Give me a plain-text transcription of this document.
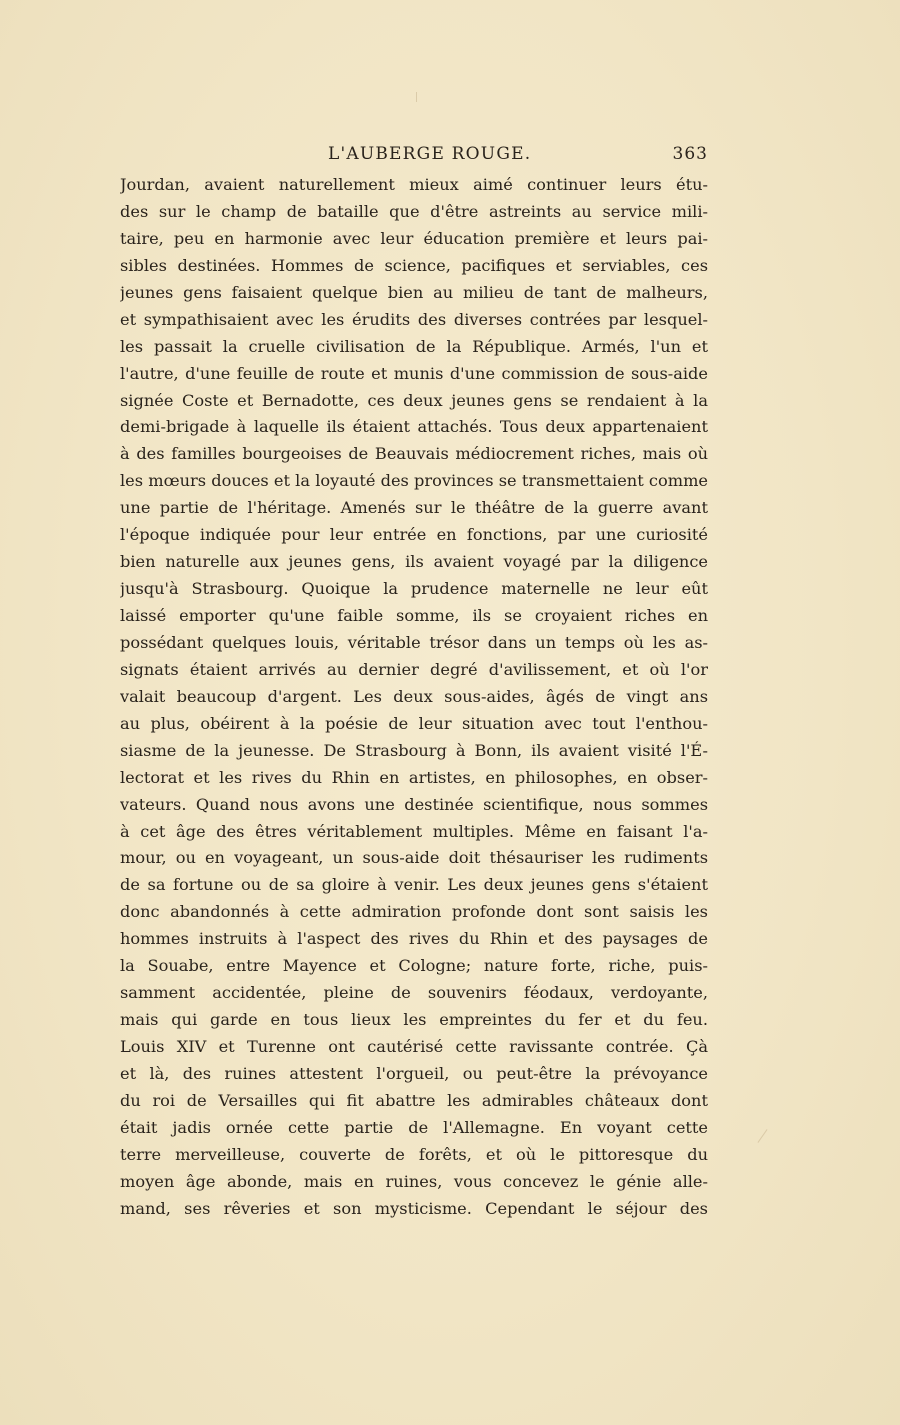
L'AUBERGE ROUGE.	363
Jourdan, avaient naturellement mieux aimé continuer leurs étu-
des sur le champ de bataille que d'être astreints au service mili-
taire, peu en harmonie avec leur éducation première et leurs pai-
sibles destinées. Hommes de science, pacifiques et serviables, ces
jeunes gens faisaient quelque bien au milieu de tant de malheurs,
et sympathisaient avec les érudits des diverses contrées par lesquel-
les passait la cruelle civilisation de la République. Armés, l'un et
l'autre, d'une feuille de route et munis d'une commission de sous-aide
signée Coste et Bernadotte, ces deux jeunes gens se rendaient à la
demi-brigade à laquelle ils étaient attachés. Tous deux appartenaient
à des familles bourgeoises de Beauvais médiocrement riches, mais où
les mœurs douces et la loyauté des provinces se transmettaient comme
une partie de l'héritage. Amenés sur le théâtre de la guerre avant
l'époque indiquée pour leur entrée en fonctions, par une curiosité
bien naturelle aux jeunes gens, ils avaient voyagé par la diligence
jusqu'à Strasbourg. Quoique la prudence maternelle ne leur eût
laissé emporter qu'une faible somme, ils se croyaient riches en
possédant quelques louis, véritable trésor dans un temps où les as-
signats étaient arrivés au dernier degré d'avilissement, et où l'or
valait beaucoup d'argent. Les deux sous-aides, âgés de vingt ans
au plus, obéirent à la poésie de leur situation avec tout l'enthou-
siasme de la jeunesse. De Strasbourg à Bonn, ils avaient visité l'É-
lectorat et les rives du Rhin en artistes, en philosophes, en obser-
vateurs. Quand nous avons une destinée scientifique, nous sommes
à cet âge des êtres véritablement multiples. Même en faisant l'a-
mour, ou en voyageant, un sous-aide doit thésauriser les rudiments
de sa fortune ou de sa gloire à venir. Les deux jeunes gens s'étaient
donc abandonnés à cette admiration profonde dont sont saisis les
hommes instruits à l'aspect des rives du Rhin et des paysages de
la Souabe, entre Mayence et Cologne; nature forte, riche, puis-
samment accidentée, pleine de souvenirs féodaux, verdoyante,
mais qui garde en tous lieux les empreintes du fer et du feu.
Louis XIV et Turenne ont cautérisé cette ravissante contrée. Çà
et là, des ruines attestent l'orgueil, ou peut-être la prévoyance
du roi de Versailles qui fit abattre les admirables châteaux dont
était jadis ornée cette partie de l'Allemagne. En voyant cette
terre merveilleuse, couverte de forêts, et où le pittoresque du
moyen âge abonde, mais en ruines, vous concevez le génie alle-
mand, ses rêveries et son mysticisme. Cependant le séjour des
